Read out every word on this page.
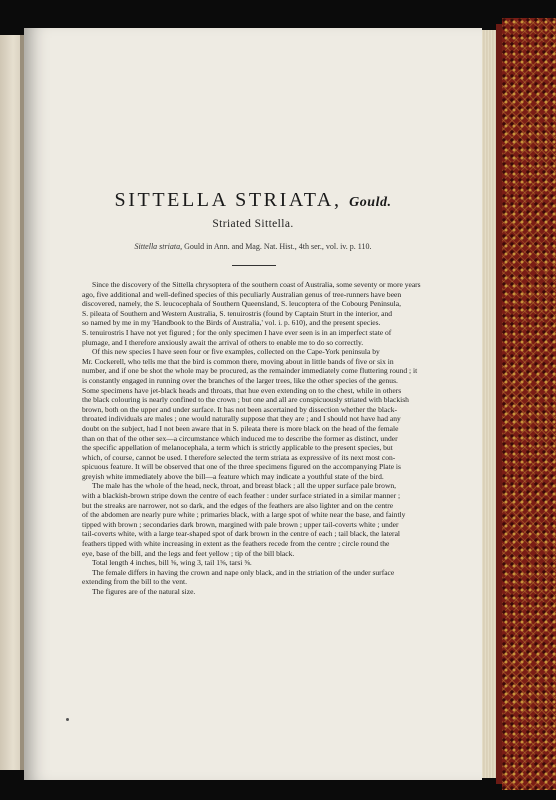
SITTELLA STRIATA, Gould.
Striated Sittella.
Sittella striata, Gould in Ann. and Mag. Nat. Hist., 4th ser., vol. iv. p. 110.
Since the discovery of the Sittella chrysoptera of the southern coast of Australia, some seventy or more years
ago, five additional and well-defined species of this peculiarly Australian genus of tree-runners have been
discovered, namely, the S. leucocephala of Southern Queensland, S. leucoptera of the Cobourg Peninsula,
S. pileata of Southern and Western Australia, S. tenuirostris (found by Captain Sturt in the interior, and
so named by me in my 'Handbook to the Birds of Australia,' vol. i. p. 610), and the present species.
S. tenuirostris I have not yet figured ; for the only specimen I have ever seen is in an imperfect state of
plumage, and I therefore anxiously await the arrival of others to enable me to do so correctly.
Of this new species I have seen four or five examples, collected on the Cape-York peninsula by
Mr. Cockerell, who tells me that the bird is common there, moving about in little bands of five or six in
number, and if one be shot the whole may be procured, as the remainder immediately come fluttering round ; it
is constantly engaged in running over the branches of the larger trees, like the other species of the genus.
Some specimens have jet-black heads and throats, that hue even extending on to the chest, while in others
the black colouring is nearly confined to the crown ; but one and all are conspicuously striated with blackish
brown, both on the upper and under surface. It has not been ascertained by dissection whether the black-
throated individuals are males ; one would naturally suppose that they are ; and I should not have had any
doubt on the subject, had I not been aware that in S. pileata there is more black on the head of the female
than on that of the other sex—a circumstance which induced me to describe the former as distinct, under
the specific appellation of melanocephala, a term which is strictly applicable to the present species, but
which, of course, cannot be used. I therefore selected the term striata as expressive of its next most con-
spicuous feature. It will be observed that one of the three specimens figured on the accompanying Plate is
greyish white immediately above the bill—a feature which may indicate a youthful state of the bird.
The male has the whole of the head, neck, throat, and breast black ; all the upper surface pale brown,
with a blackish-brown stripe down the centre of each feather : under surface striated in a similar manner ;
but the streaks are narrower, not so dark, and the edges of the feathers are also lighter and on the centre
of the abdomen are nearly pure white ; primaries black, with a large spot of white near the base, and faintly
tipped with brown ; secondaries dark brown, margined with pale brown ; upper tail-coverts white ; under
tail-coverts white, with a large tear-shaped spot of dark brown in the centre of each ; tail black, the lateral
feathers tipped with white increasing in extent as the feathers recede from the centre ; circle round the
eye, base of the bill, and the legs and feet yellow ; tip of the bill black.
Total length 4 inches, bill ⅝, wing 3, tail 1⅝, tarsi ⅝.
The female differs in having the crown and nape only black, and in the striation of the under surface
extending from the bill to the vent.
The figures are of the natural size.
